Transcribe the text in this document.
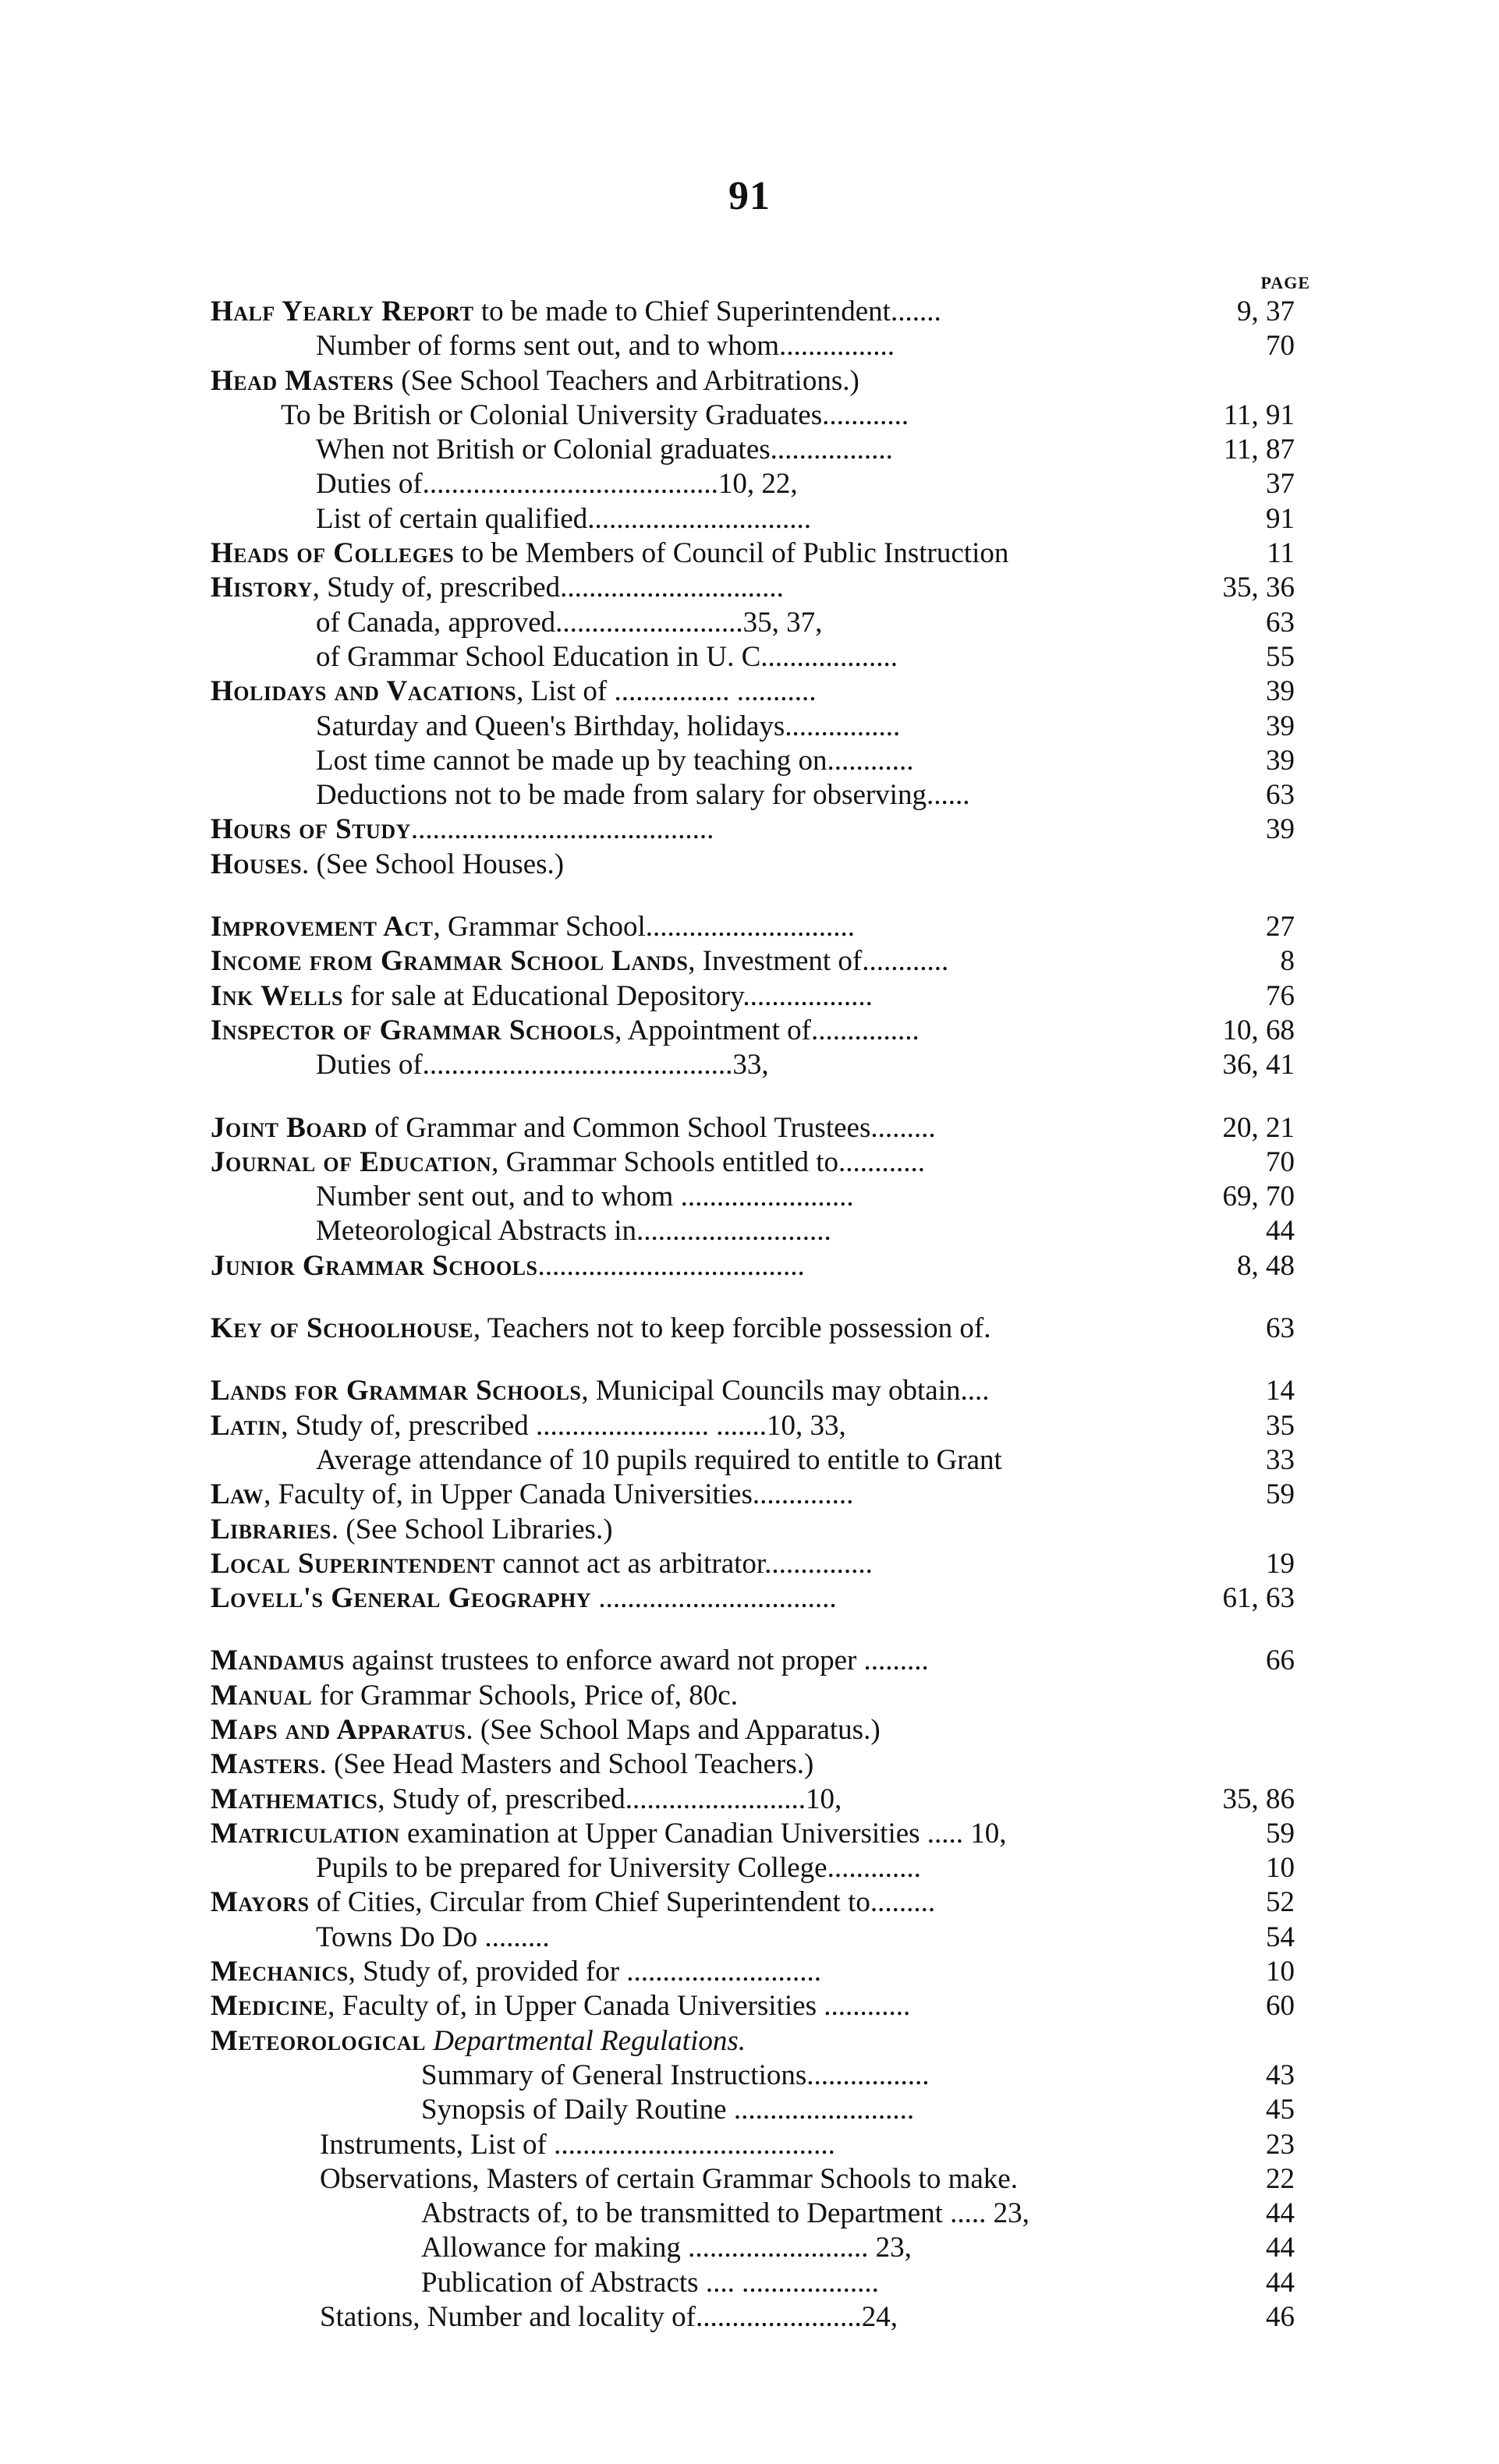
91
PAGE
Half Yearly Report to be made to Chief Superintendent.......	9, 37
Number of forms sent out, and to whom................	70
Head Masters (See School Teachers and Arbitrations.)
To be British or Colonial University Graduates............	11, 91
When not British or Colonial graduates.................	11, 87
Duties of.........................................10, 22,	37
List of certain qualified...............................	91
Heads of Colleges to be Members of Council of Public Instruction	11
History, Study of, prescribed...............................	35, 36
of Canada, approved..........................35, 37,	63
of Grammar School Education in U. C...................	55
Holidays and Vacations, List of ................ ...........	39
Saturday and Queen's Birthday, holidays................	39
Lost time cannot be made up by teaching on............	39
Deductions not to be made from salary for observing......	63
Hours of Study..........................................	39
Houses. (See School Houses.)
Improvement Act, Grammar School.............................	27
Income from Grammar School Lands, Investment of............	8
Ink Wells for sale at Educational Depository..................	76
Inspector of Grammar Schools, Appointment of...............	10, 68
Duties of...........................................33,	36, 41
Joint Board of Grammar and Common School Trustees.........	20, 21
Journal of Education, Grammar Schools entitled to............	70
Number sent out, and to whom ........................	69, 70
Meteorological Abstracts in...........................	44
Junior Grammar Schools.....................................	8, 48
Key of Schoolhouse, Teachers not to keep forcible possession of.	63
Lands for Grammar Schools, Municipal Councils may obtain....	14
Latin, Study of, prescribed ........................ .......10, 33,	35
Average attendance of 10 pupils required to entitle to Grant	33
Law, Faculty of, in Upper Canada Universities..............	59
Libraries. (See School Libraries.)
Local Superintendent cannot act as arbitrator...............	19
Lovell's General Geography .................................	61, 63
Mandamus against trustees to enforce award not proper .........	66
Manual for Grammar Schools, Price of, 80c.
Maps and Apparatus. (See School Maps and Apparatus.)
Masters. (See Head Masters and School Teachers.)
Mathematics, Study of, prescribed.........................10,	35, 86
Matriculation examination at Upper Canadian Universities ..... 10,	59
Pupils to be prepared for University College.............	10
Mayors of Cities, Circular from Chief Superintendent to.........	52
Towns Do Do .........	54
Mechanics, Study of, provided for ...........................	10
Medicine, Faculty of, in Upper Canada Universities ............	60
Meteorological Departmental Regulations.
Summary of General Instructions.................	43
Synopsis of Daily Routine .........................	45
Instruments, List of .......................................	23
Observations, Masters of certain Grammar Schools to make.	22
Abstracts of, to be transmitted to Department ..... 23,	44
Allowance for making ......................... 23,	44
Publication of Abstracts .... ...................	44
Stations, Number and locality of.......................24,	46
